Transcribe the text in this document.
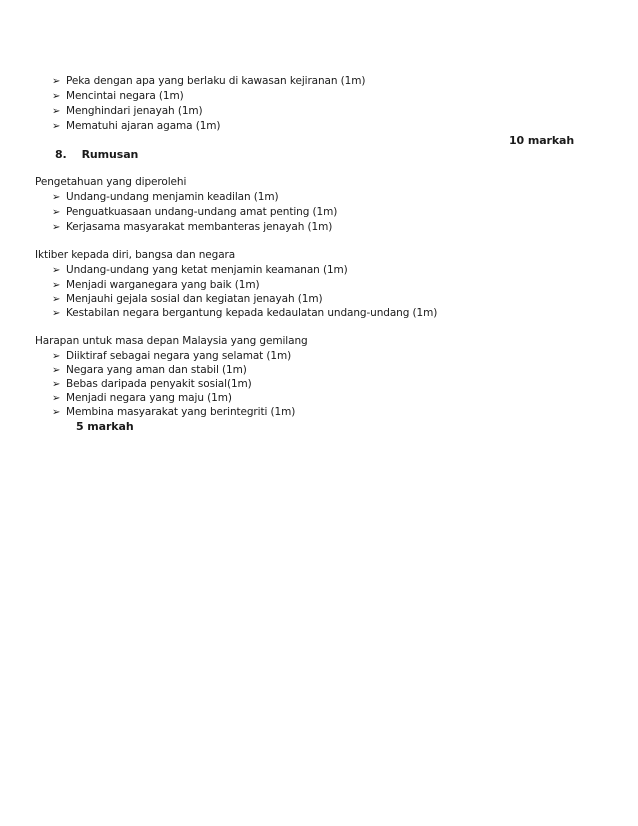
➢ Peka dengan apa yang berlaku di kawasan kejiranan (1m)
➢ Mencintai negara (1m)
➢ Menghindari jenayah (1m)
➢ Mematuhi ajaran agama (1m)
10 markah
8. Rumusan
Pengetahuan yang diperolehi
➢ Undang-undang menjamin keadilan (1m)
➢ Penguatkuasaan undang-undang amat penting (1m)
➢ Kerjasama masyarakat membanteras jenayah (1m)
Iktiber kepada diri, bangsa dan negara
➢ Undang-undang yang ketat menjamin keamanan (1m)
➢ Menjadi warganegara yang baik (1m)
➢ Menjauhi gejala sosial dan kegiatan jenayah (1m)
➢ Kestabilan negara bergantung kepada kedaulatan undang-undang (1m)
Harapan untuk masa depan Malaysia yang gemilang
➢ Diiktiraf sebagai negara yang selamat (1m)
➢ Negara yang aman dan stabil (1m)
➢ Bebas daripada penyakit sosial(1m)
➢ Menjadi negara yang maju (1m)
➢ Membina masyarakat yang berintegriti (1m)
5 markah
